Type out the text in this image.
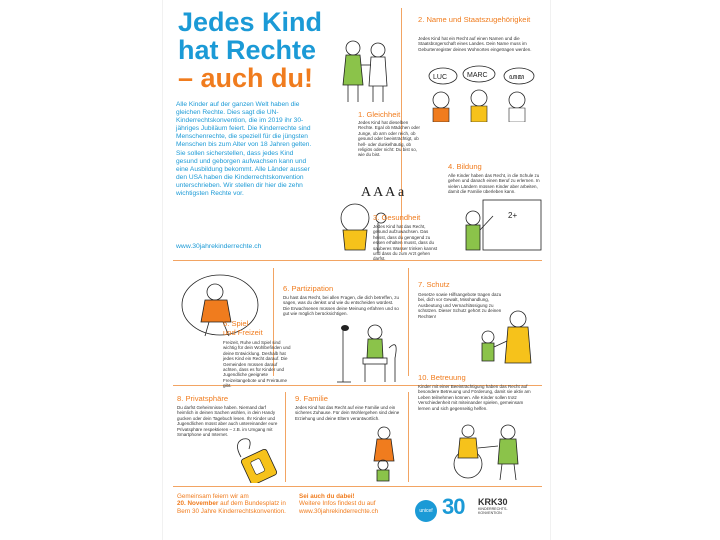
Jedes Kind
hat Rechte
– auch du!
Alle Kinder auf der ganzen Welt haben die gleichen Rechte. Dies sagt die UN-Kinderrechtskonvention, die im 2019 ihr 30-jähriges Jubiläum feiert. Die Kinderrechte sind Menschenrechte, die speziell für die jüngsten Menschen bis zum Alter von 18 Jahren gelten. Sie sollen sicherstellen, dass jedes Kind gesund und geborgen aufwachsen kann und eine Ausbildung bekommt. Alle Länder ausser den USA haben die Kinderrechtskonvention unterschrieben. Wir stellen dir hier die zehn wichtigsten Rechte vor.
www.30jahrekinderrechte.ch
1. Gleichheit
Jedes Kind hat dieselben Rechte. Egal ob Mädchen oder Junge, ob arm oder reich, ob gesund oder beeinträchtigt, ob hell- oder dunkelhäutig, ob religiös oder nicht: Du bist so, wie du bist.
2. Name und Staatszugehörigkeit
Jedes Kind hat ein Recht auf einen Namen und die Staatsbürgerschaft eines Landes. Dein Name muss im Geburtenregister deines Wohnortes eingetragen werden.
LUC	MARC	ꦲꦩ
A A A a
3. Gesundheit
Jedes Kind hat das Recht, gesund aufzuwachsen. Das heisst, dass du genügend zu essen erhalten musst, dass du sauberes Wasser trinken kannst und dass du zum Arzt gehen darfst.
4. Bildung
Alle Kinder haben das Recht, in die Schule zu gehen und danach einen Beruf zu erlernen. In vielen Ländern müssen Kinder aber arbeiten, damit die Familie überleben kann.
2+
5. Spiel
und Freizeit
Freizeit, Ruhe und Spiel sind wichtig für dein Wohlbefinden und deine Entwicklung. Deshalb hat jedes Kind ein Recht darauf. Die Gemeinden müssen darauf achten, dass es für Kinder und Jugendliche geeignete Freizeitangebote und Freiräume gibt.
6. Partizipation
Du hast das Recht, bei allen Fragen, die dich betreffen, zu sagen, was du denkst und wie du entscheiden würdest. Die Erwachsenen müssen deine Meinung erfahren und so gut wie möglich berücksichtigen.
7. Schutz
Gesetze sowie Hilfsangebote tragen dazu bei, dich vor Gewalt, Misshandlung, Ausbeutung und Vernachlässigung zu schützen. Dieser Schutz gehört zu deinen Rechten!
8. Privatsphäre
Du darfst Geheimnisse haben. Niemand darf heimlich in deinen Sachen wühlen, in dein Handy gucken oder dein Tagebuch lesen. Ihr Kinder und Jugendlichen müsst aber auch untereinander eure Privatsphäre respektieren – z.B. im Umgang mit Smartphone und Internet.
9. Familie
Jedes Kind hat das Recht auf eine Familie und ein sicheres Zuhause. Für dein Wohlergehen sind deine Erziehung und deine Eltern verantwortlich.
10. Betreuung
Kinder mit einer Beeinträchtigung haben das Recht auf besondere Betreuung und Förderung, damit sie aktiv am Leben teilnehmen können. Alle Kinder sollen trotz Verschiedenheit mit miteinander spielen, gemeinsam lernen und sich gegenseitig helfen.
Gemeinsam feiern wir am
20. November auf dem Bundesplatz in Bern 30 Jahre Kinderrechtskonvention.
Sei auch du dabei!
Weitere Infos findest du auf
www.30jahrekinderrechte.ch	unicef 30 KRK30
KINDERRECHTS-
KONVENTION
